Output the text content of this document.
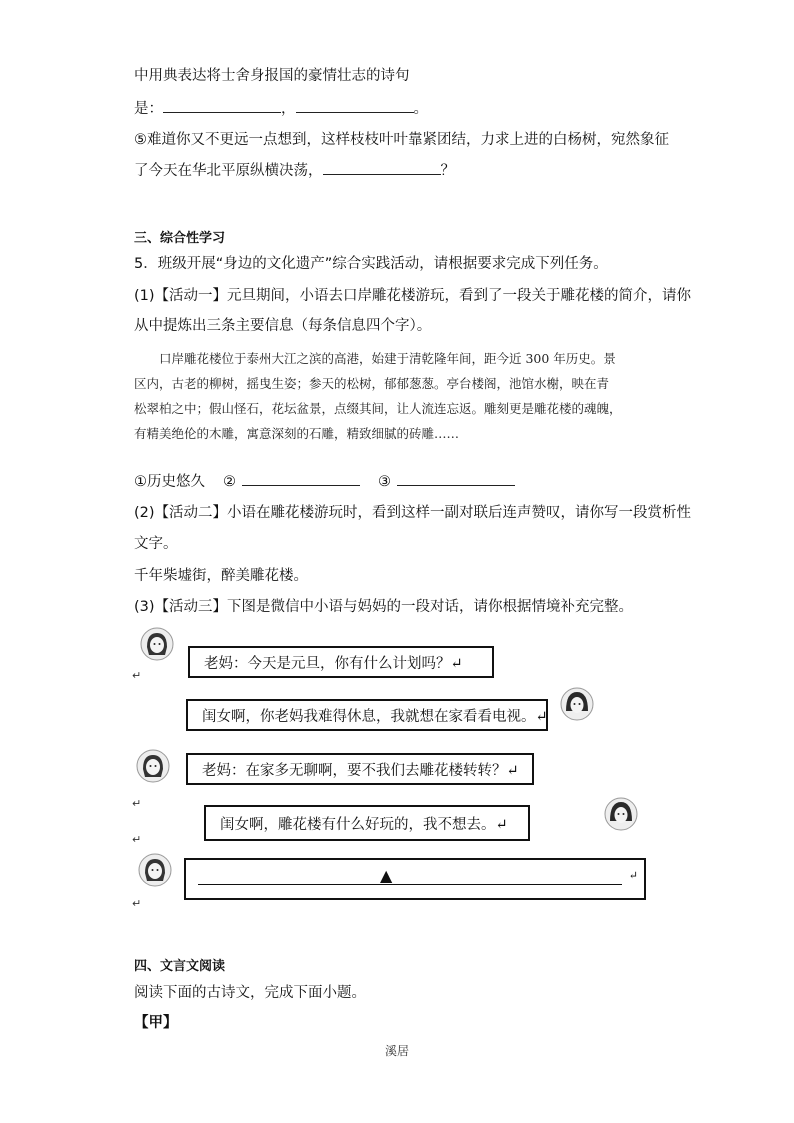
中用典表达将士舍身报国的豪情壮志的诗句
是：	，	。
⑤难道你又不更远一点想到，这样枝枝叶叶靠紧团结，力求上进的白杨树，宛然象征
了今天在华北平原纵横决荡，	？
三、综合性学习
5．班级开展“身边的文化遗产”综合实践活动，请根据要求完成下列任务。
(1)【活动一】元旦期间，小语去口岸雕花楼游玩，看到了一段关于雕花楼的简介，请你
从中提炼出三条主要信息（每条信息四个字）。

　　口岸雕花楼位于泰州大江之滨的高港，始建于清乾隆年间，距今近 300 年历史。景

区内，古老的柳树，摇曳生姿；参天的松树，郁郁葱葱。亭台楼阁，池馆水榭，映在青

松翠柏之中；假山怪石，花坛盆景，点缀其间，让人流连忘返。雕刻更是雕花楼的魂魄，

有精美绝伦的木雕，寓意深刻的石雕，精致细腻的砖雕……

①历史悠久 ②	③
(2)【活动二】小语在雕花楼游玩时，看到这样一副对联后连声赞叹，请你写一段赏析性
文字。
千年柴墟街，醉美雕花楼。
(3)【活动三】下图是微信中小语与妈妈的一段对话，请你根据情境补充完整。
↵
老妈：今天是元旦，你有什么计划吗？↵
闺女啊，你老妈我难得休息，我就想在家看看电视。↵
老妈：在家多无聊啊，要不我们去雕花楼转转？↵
↵
闺女啊，雕花楼有什么好玩的，我不想去。↵
↵
▲	↵
↵
四、文言文阅读
阅读下面的古诗文，完成下面小题。
【甲】
溪居
